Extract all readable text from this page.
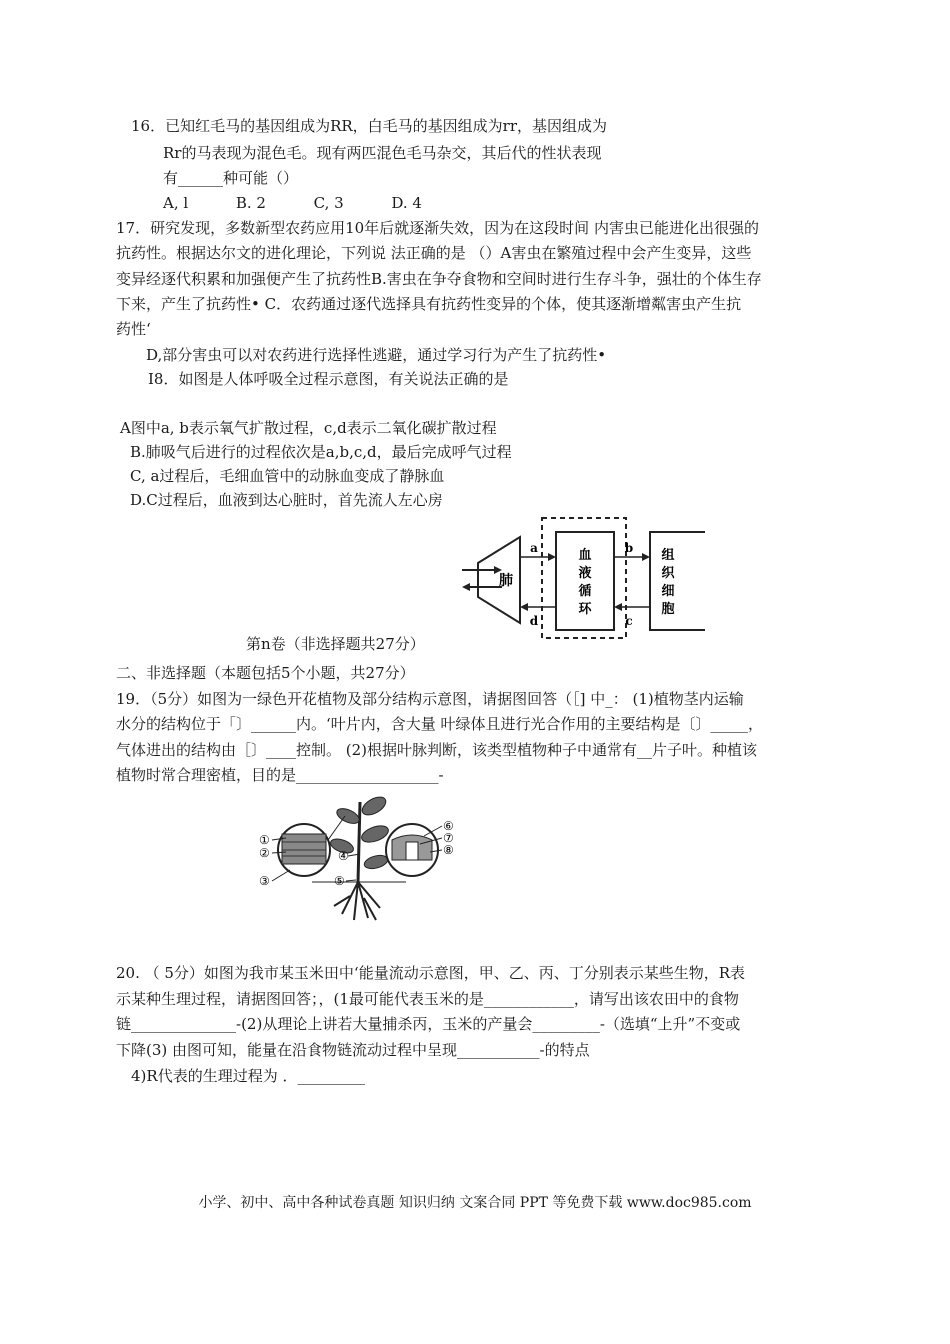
16．已知红毛马的基因组成为RR，白毛马的基因组成为rr，基因组成为
Rr的马表现为混色毛。现有两匹混色毛马杂交，其后代的性状表现
有______种可能（）
A, l          B. 2          C, 3          D. 4
17．研究发现，多数新型农药应用10年后就逐渐失效，因为在这段时间 内害虫已能进化出很强的
抗药性。根据达尔文的进化理论，下列说 法正确的是 （）A害虫在繁殖过程中会产生变异，这些
变异经逐代积累和加强便产生了抗药性B.害虫在争夺食物和空间时进行生存斗争，强壮的个体生存
下来，产生了抗药性• C．农药通过逐代选择具有抗药性变异的个体，使其逐渐增粼害虫产生抗
药性‘
D,部分害虫可以对农药进行选择性逃避，通过学习行为产生了抗药性•
I8．如图是人体呼吸全过程示意图，有关说法正确的是
A图中a, b表示氧气扩散过程，c,d表示二氧化碳扩散过程
B.肺吸气后进行的过程依次是a,b,c,d，最后完成呼气过程
C, a过程后，毛细血管中的动脉血变成了静脉血
D.C过程后，血液到达心脏时，首先流人左心房
肺
血
液
循
环
a
d
b
c
组
织
细
胞
第n卷（非选择题共27分）
二、非选择题（本题包括5个小题，共27分）
19．（5分）如图为一绿色开花植物及部分结构示意图，请据图回答（［] 中_： (1)植物茎内运输
水分的结构位于「〕______内。‘叶片内，含大量 叶绿体且进行光合作用的主要结构是〔〕_____，
气体进出的结构由［〕____控制。 (2)根据叶脉判断，该类型植物种子中通常有__片子叶。种植该
植物时常合理密植，目的是___________________-
①
②
③
④
⑤
⑥
⑦
⑧
20. （ 5分）如图为我市某玉米田中‘能量流动示意图，甲、乙、丙、丁分别表示某些生物，R表
示某种生理过程，请据图回答；，(1最可能代表玉米的是____________，请写出该农田中的食物
链______________-(2)从理论上讲若大量捕杀丙，玉米的产量会_________-（选填“上升”不变或
下降(3) 由图可知，能量在沿食物链流动过程中呈现___________-的特点
4)R代表的生理过程为 ．_________
小学、初中、高中各种试卷真题 知识归纳 文案合同 PPT 等免费下载 www.doc985.com
